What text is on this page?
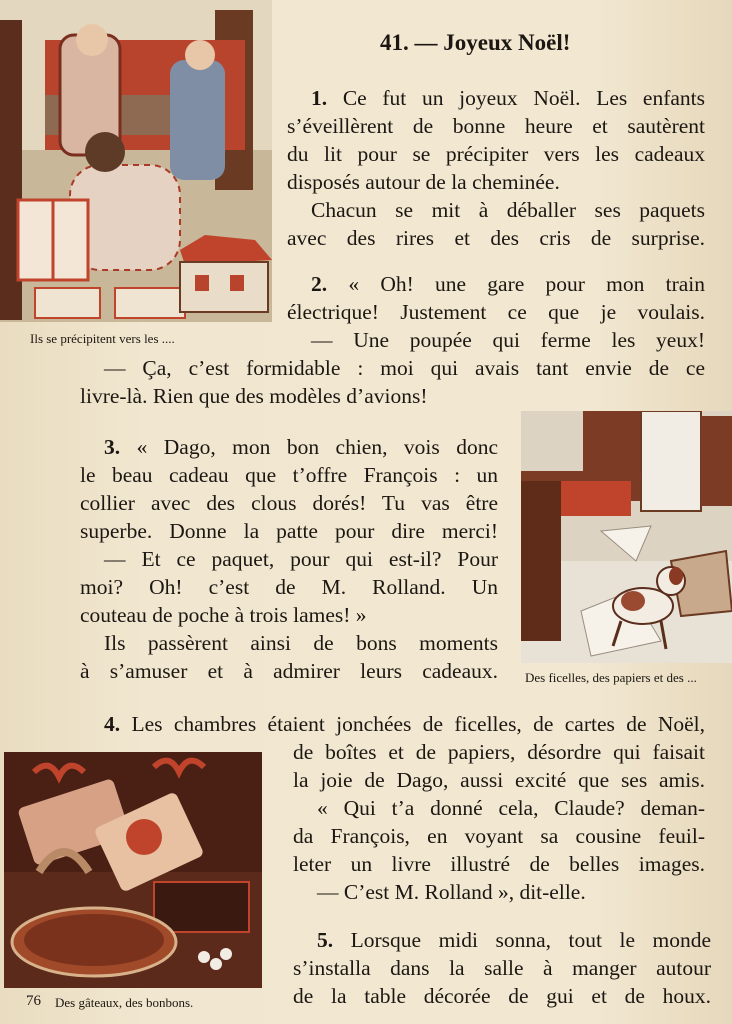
Ils se précipitent vers les ....
41. — Joyeux Noël!
1. Ce fut un joyeux Noël. Les enfants
s’éveillèrent de bonne heure et sautèrent
du lit pour se précipiter vers les cadeaux
disposés autour de la cheminée.
Chacun se mit à déballer ses paquets
avec des rires et des cris de surprise.
2. « Oh! une gare pour mon train
électrique! Justement ce que je voulais.
— Une poupée qui ferme les yeux!
— Ça, c’est formidable : moi qui avais tant envie de ce
livre-là. Rien que des modèles d’avions!
Des ficelles, des papiers et des ...
3. « Dago, mon bon chien, vois donc
le beau cadeau que t’offre François : un
collier avec des clous dorés! Tu vas être
superbe. Donne la patte pour dire merci!
— Et ce paquet, pour qui est-il? Pour
moi? Oh! c’est de M. Rolland. Un
couteau de poche à trois lames! »
Ils passèrent ainsi de bons moments
à s’amuser et à admirer leurs cadeaux.
4. Les chambres étaient jonchées de ficelles, de cartes de Noël,
de boîtes et de papiers, désordre qui faisait
la joie de Dago, aussi excité que ses amis.
« Qui t’a donné cela, Claude? deman-
da François, en voyant sa cousine feuil-
leter un livre illustré de belles images.
— C’est M. Rolland », dit-elle.
76 Des gâteaux, des bonbons.
5. Lorsque midi sonna, tout le monde
s’installa dans la salle à manger autour
de la table décorée de gui et de houx.
